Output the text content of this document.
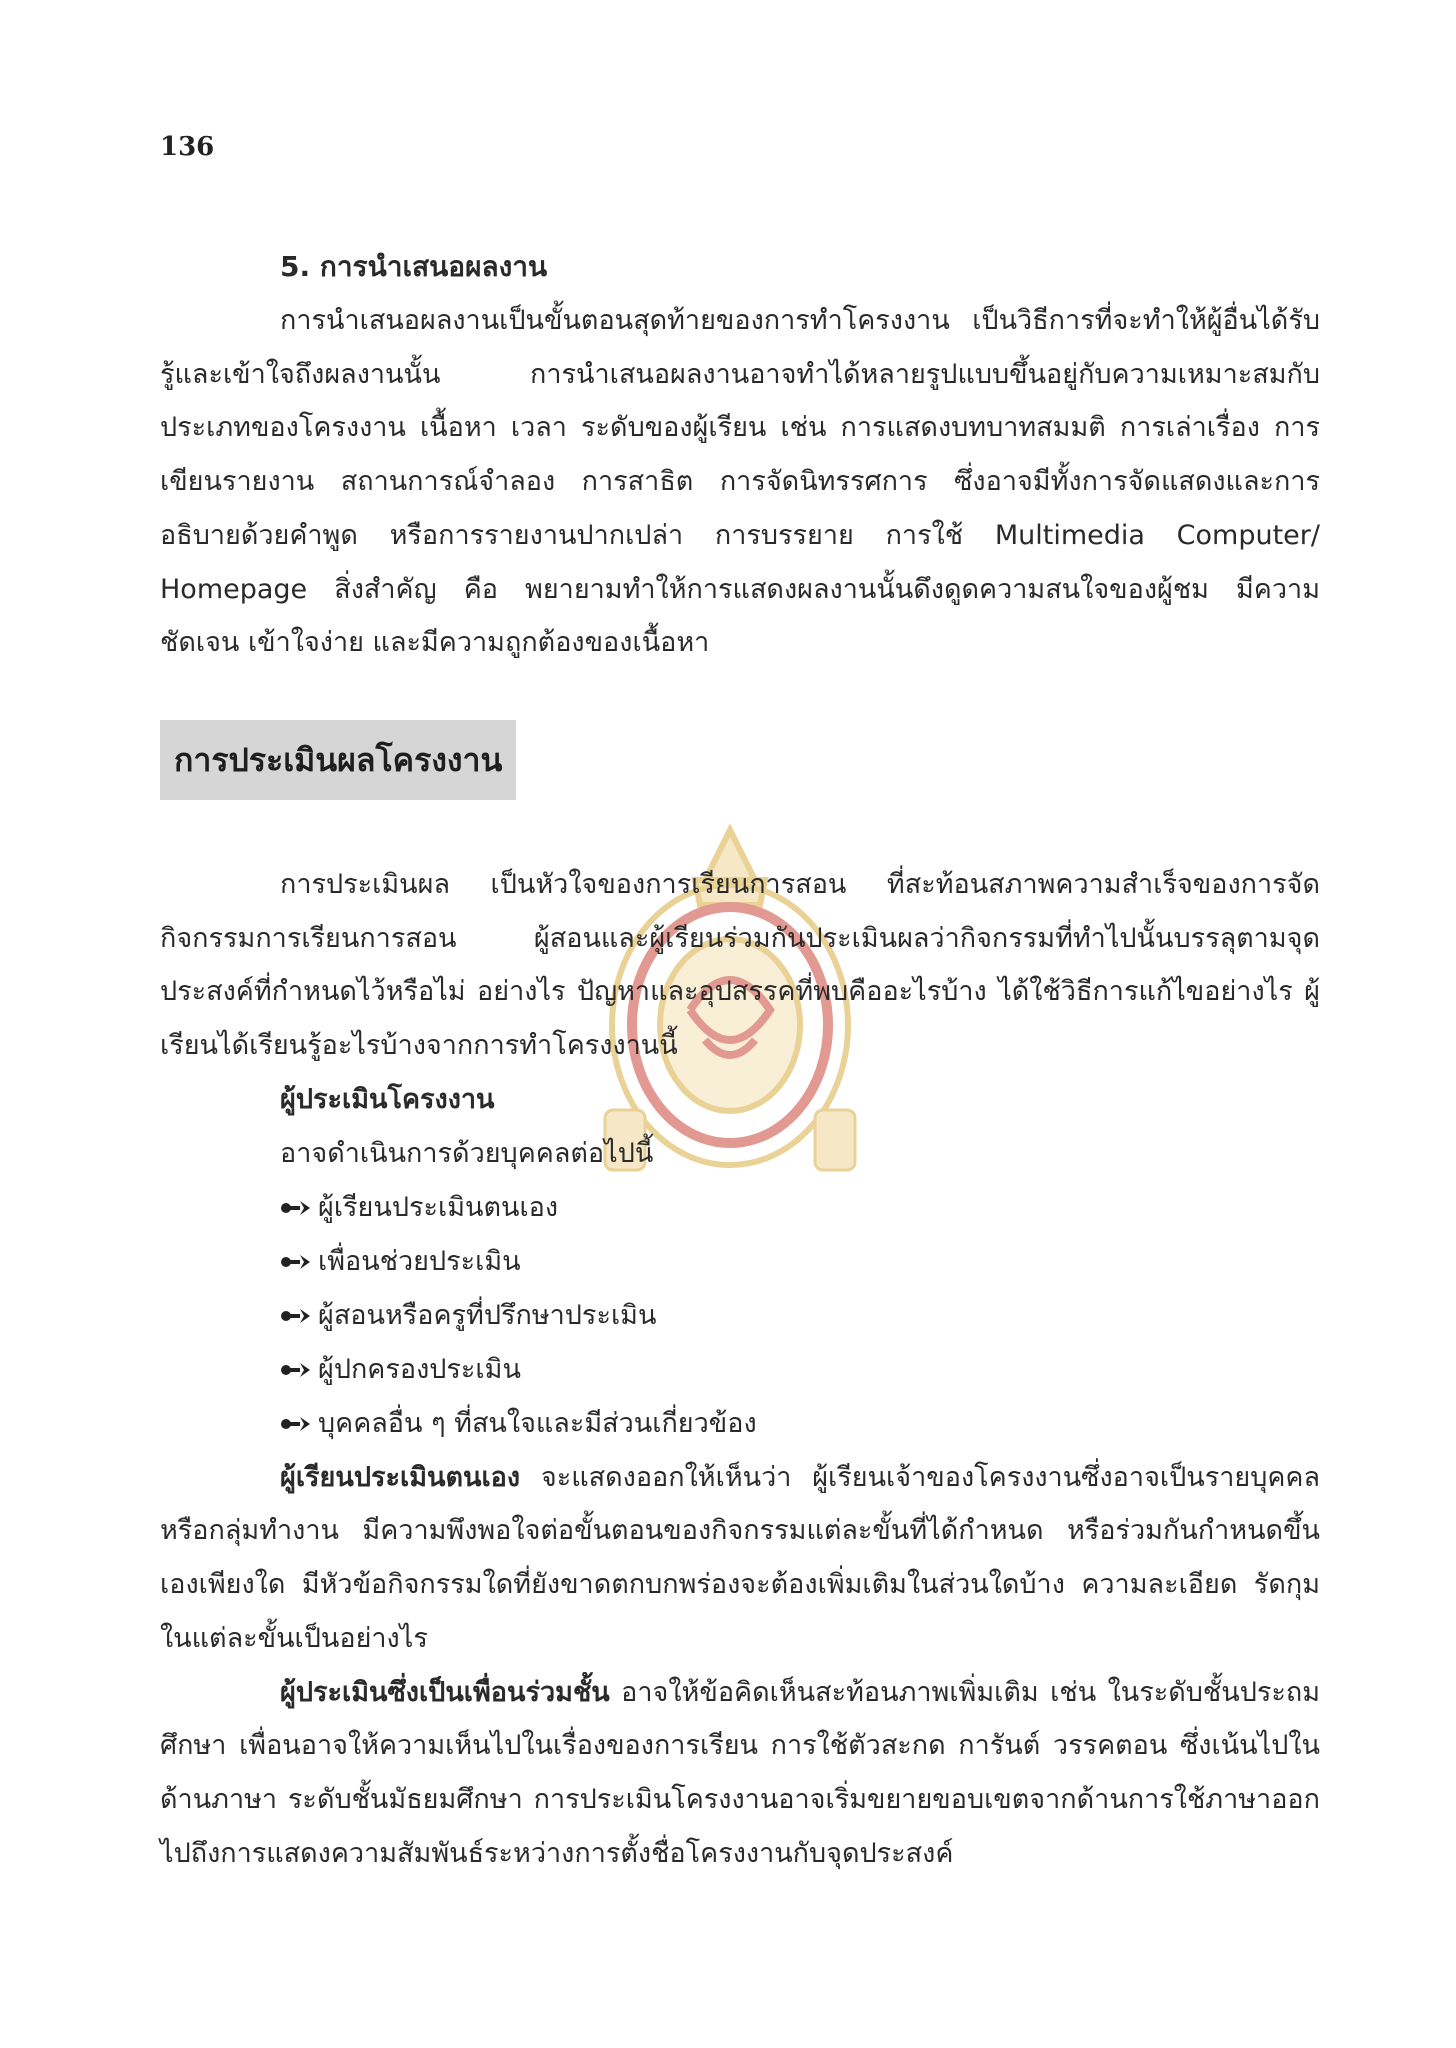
136

5. การนำเสนอผลงาน

การนำเสนอผลงานเป็นขั้นตอนสุดท้ายของการทำโครงงาน เป็นวิธีการที่จะทำให้ผู้อื่นได้รับรู้และเข้าใจถึงผลงานนั้น การนำเสนอผลงานอาจทำได้หลายรูปแบบขึ้นอยู่กับความเหมาะสมกับประเภทของโครงงาน เนื้อหา เวลา ระดับของผู้เรียน เช่น การแสดงบทบาทสมมติ การเล่าเรื่อง การเขียนรายงาน สถานการณ์จำลอง การสาธิต การจัดนิทรรศการ ซึ่งอาจมีทั้งการจัดแสดงและการอธิบายด้วยคำพูด หรือการรายงานปากเปล่า การบรรยาย การใช้ Multimedia Computer/ Homepage สิ่งสำคัญ คือ พยายามทำให้การแสดงผลงานนั้นดึงดูดความสนใจของผู้ชม มีความชัดเจน เข้าใจง่าย และมีความถูกต้องของเนื้อหา

การประเมินผลโครงงาน

การประเมินผล เป็นหัวใจของการเรียนการสอน ที่สะท้อนสภาพความสำเร็จของการจัดกิจกรรมการเรียนการสอน ผู้สอนและผู้เรียนร่วมกันประเมินผลว่ากิจกรรมที่ทำไปนั้นบรรลุตามจุดประสงค์ที่กำหนดไว้หรือไม่ อย่างไร ปัญหาและอุปสรรคที่พบคืออะไรบ้าง ได้ใช้วิธีการแก้ไขอย่างไร ผู้เรียนได้เรียนรู้อะไรบ้างจากการทำโครงงานนี้

ผู้ประเมินโครงงาน

อาจดำเนินการด้วยบุคคลต่อไปนี้

ผู้เรียนประเมินตนเอง
เพื่อนช่วยประเมิน
ผู้สอนหรือครูที่ปรึกษาประเมิน
ผู้ปกครองประเมิน
บุคคลอื่น ๆ ที่สนใจและมีส่วนเกี่ยวข้อง

ผู้เรียนประเมินตนเอง จะแสดงออกให้เห็นว่า ผู้เรียนเจ้าของโครงงานซึ่งอาจเป็นรายบุคคลหรือกลุ่มทำงาน มีความพึงพอใจต่อขั้นตอนของกิจกรรมแต่ละขั้นที่ได้กำหนด หรือร่วมกันกำหนดขึ้นเองเพียงใด มีหัวข้อกิจกรรมใดที่ยังขาดตกบกพร่องจะต้องเพิ่มเติมในส่วนใดบ้าง ความละเอียด รัดกุม ในแต่ละขั้นเป็นอย่างไร

ผู้ประเมินซึ่งเป็นเพื่อนร่วมชั้น อาจให้ข้อคิดเห็นสะท้อนภาพเพิ่มเติม เช่น ในระดับชั้นประถมศึกษา เพื่อนอาจให้ความเห็นไปในเรื่องของการเรียน การใช้ตัวสะกด การันต์ วรรคตอน ซึ่งเน้นไปในด้านภาษา ระดับชั้นมัธยมศึกษา การประเมินโครงงานอาจเริ่มขยายขอบเขตจากด้านการใช้ภาษาออกไปถึงการแสดงความสัมพันธ์ระหว่างการตั้งชื่อโครงงานกับจุดประสงค์
